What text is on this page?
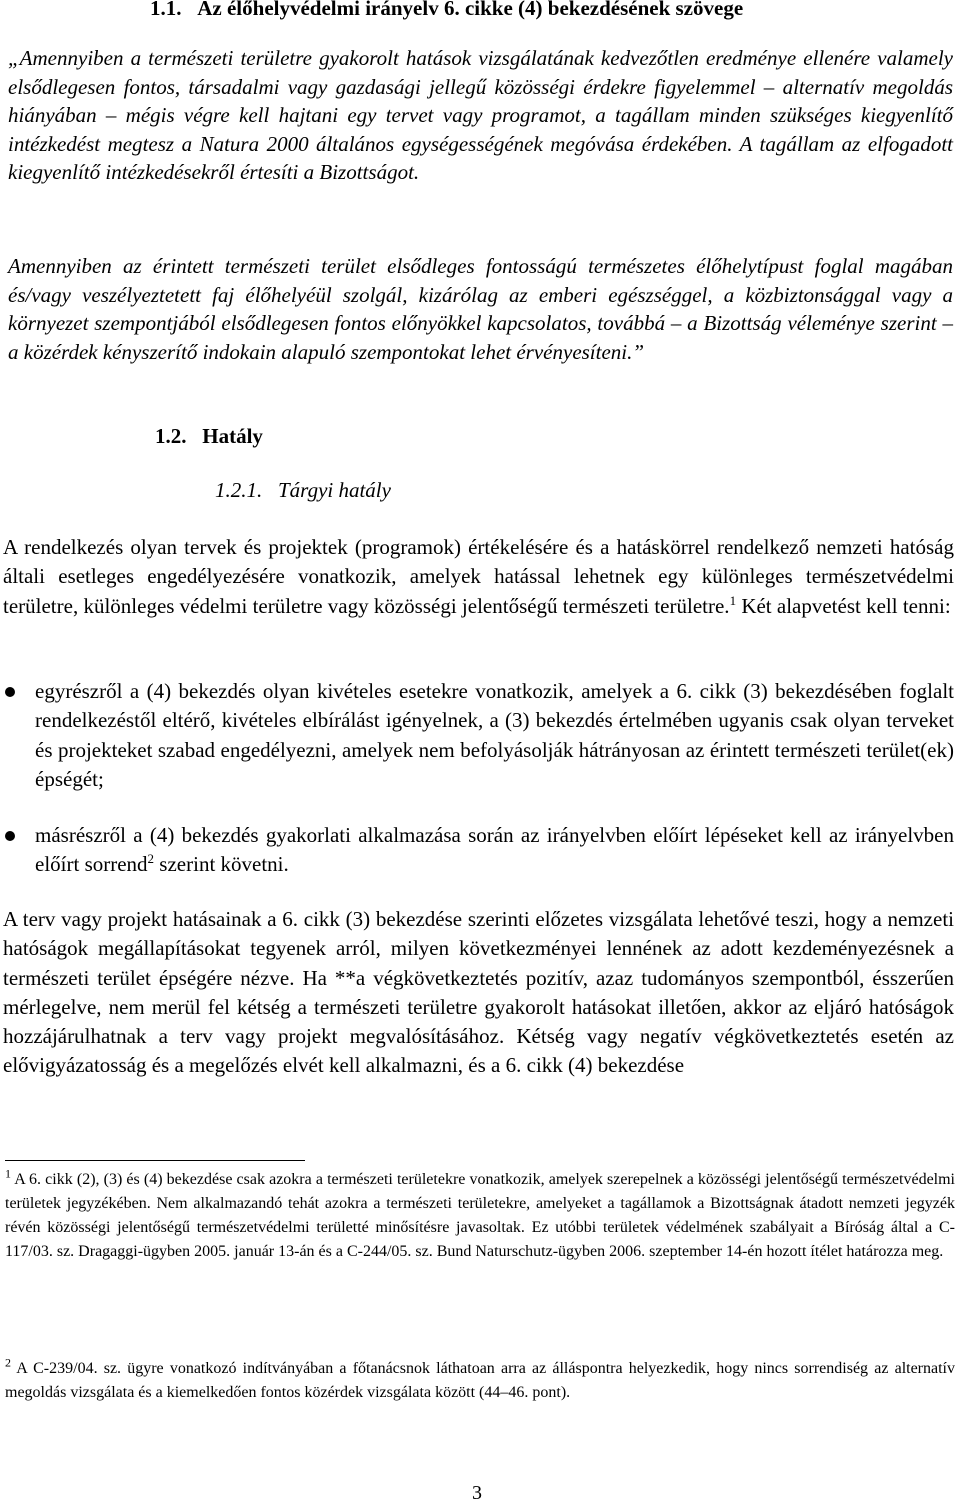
1.1.   Az élőhelyvédelmi irányelv 6. cikke (4) bekezdésének szövege

„Amennyiben a természeti területre gyakorolt hatások vizsgálatának kedvezőtlen eredménye ellenére valamely elsődlegesen fontos, társadalmi vagy gazdasági jellegű közösségi érdekre figyelemmel – alternatív megoldás hiányában – mégis végre kell hajtani egy tervet vagy programot, a tagállam minden szükséges kiegyenlítő intézkedést megtesz a Natura 2000 általános egységességének megóvása érdekében. A tagállam az elfogadott kiegyenlítő intézkedésekről értesíti a Bizottságot.

Amennyiben az érintett természeti terület elsődleges fontosságú természetes élőhelytípust foglal magában és/vagy veszélyeztetett faj élőhelyéül szolgál, kizárólag az emberi egészséggel, a közbiztonsággal vagy a környezet szempontjából elsődlegesen fontos előnyökkel kapcsolatos, továbbá – a Bizottság véleménye szerint – a közérdek kényszerítő indokain alapuló szempontokat lehet érvényesíteni.”

1.2.   Hatály
1.2.1.   Tárgyi hatály

A rendelkezés olyan tervek és projektek (programok) értékelésére és a hatáskörrel rendelkező nemzeti hatóság általi esetleges engedélyezésére vonatkozik, amelyek hatással lehetnek egy különleges természetvédelmi területre, különleges védelmi területre vagy közösségi jelentőségű természeti területre.$^1$ Két alapvetést kell tenni:

egyrészről a (4) bekezdés olyan kivételes esetekre vonatkozik, amelyek a 6. cikk (3) bekezdésében foglalt rendelkezéstől eltérő, kivételes elbírálást igényelnek, a (3) bekezdés értelmében ugyanis csak olyan terveket és projekteket szabad engedélyezni, amelyek nem befolyásolják hátrányosan az érintett természeti terület(ek) épségét;
másrészről a (4) bekezdés gyakorlati alkalmazása során az irányelvben előírt lépéseket kell az irányelvben előírt sorrend$^2$ szerint követni.

A terv vagy projekt hatásainak a 6. cikk (3) bekezdése szerinti előzetes vizsgálata lehetővé teszi, hogy a nemzeti hatóságok megállapításokat tegyenek arról, milyen következményei lennének az adott kezdeményezésnek a természeti terület épségére nézve. Ha **a végkövetkeztetés pozitív, azaz tudományos szempontból, ésszerűen mérlegelve, nem merül fel kétség a természeti területre gyakorolt hatásokat illetően, akkor az eljáró hatóságok hozzájárulhatnak a terv vagy projekt megvalósításához. Kétség vagy negatív végkövetkeztetés esetén az elővigyázatosság és a megelőzés elvét kell alkalmazni, és a 6. cikk (4) bekezdése

$^1$ A 6. cikk (2), (3) és (4) bekezdése csak azokra a természeti területekre vonatkozik, amelyek szerepelnek a közösségi jelentőségű természetvédelmi területek jegyzékében. Nem alkalmazandó tehát azokra a természeti területekre, amelyeket a tagállamok a Bizottságnak átadott nemzeti jegyzék révén közösségi jelentőségű természetvédelmi területté minősítésre javasoltak. Ez utóbbi területek védelmének szabályait a Bíróság által a C-117/03. sz. Dragaggi-ügyben 2005. január 13-án és a C-244/05. sz. Bund Naturschutz-ügyben 2006. szeptember 14-én hozott ítélet határozza meg.

$^2$ A C-239/04. sz. ügyre vonatkozó indítványában a főtanácsnok láthatoan arra az álláspontra helyezkedik, hogy nincs sorrendiség az alternatív megoldás vizsgálata és a kiemelkedően fontos közérdek vizsgálata között (44–46. pont).

3
